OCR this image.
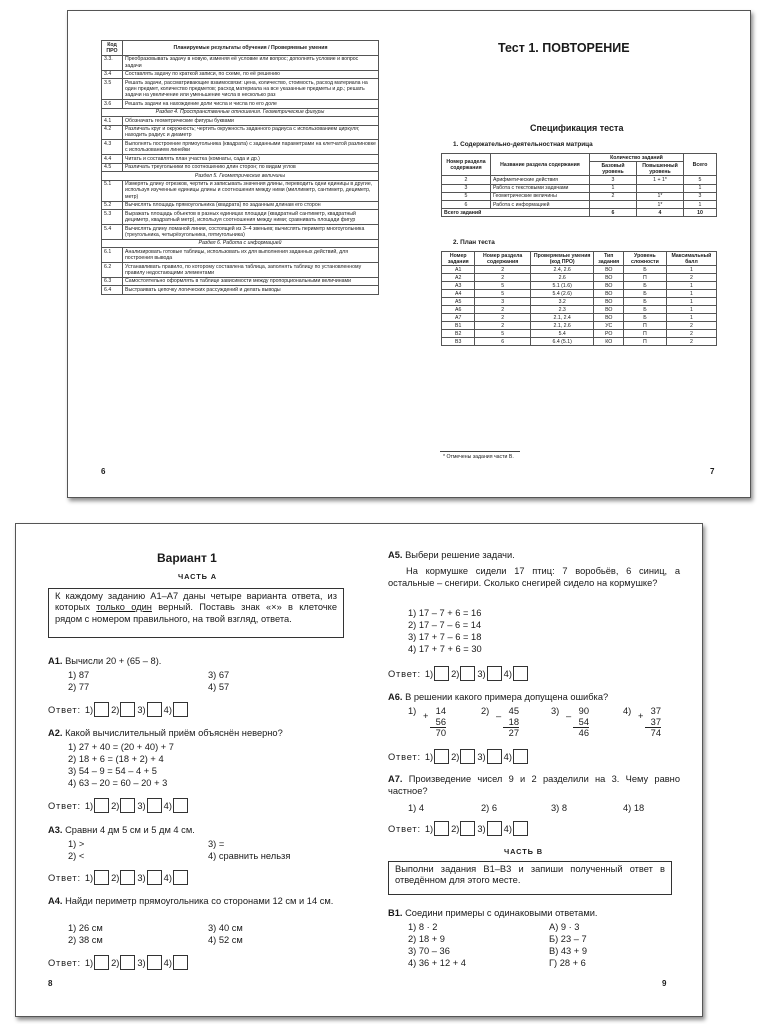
Код ПРО	Планируемые результаты обучения / Проверяемые умения
3.3.	Преобразовывать задачу в новую, изменяя её условие или вопрос; дополнять условие и вопрос задачи
3.4	Составлять задачу по краткой записи, по схеме, по её решению
3.5	Решать задачи, рассматривающие взаимосвязи: цена, количество, стоимость, расход материала на один предмет, количество предметов; расход материала на все указанные предметы и др.; решать задачи на увеличение или уменьшение числа в несколько раз
3.6	Решать задачи на нахождение доли числа и числа по его доле
Раздел 4. Пространственные отношения. Геометрические фигуры	
4.1	Обозначать геометрические фигуры буквами
4.2	Различать круг и окружность; чертить окружность заданного радиуса с использованием циркуля; находить радиус и диаметр
4.3	Выполнять построение прямоугольника (квадрата) с заданными параметрами на клетчатой разлиновке с использованием линейки
4.4	Читать и составлять план участка (комнаты, сада и др.)
4.5	Различать треугольники по соотношению длин сторон; по видам углов
Раздел 5. Геометрические величины	
5.1	Измерять длину отрезков, чертить и записывать значения длины, переводить одни единицы в другие, используя изученные единицы длины и соотношения между ними (миллиметр, сантиметр, дециметр, метр)
5.2	Вычислять площадь прямоугольника (квадрата) по заданным длинам его сторон
5.3	Выражать площадь объектов в разных единицах площади (квадратный сантиметр, квадратный дециметр, квадратный метр), используя соотношения между ними; сравнивать площади фигур
5.4	Вычислять длину ломаной линии, состоящей из 3–4 звеньев; вычислять периметр многоугольника (треугольника, четырёхугольника, пятиугольника)
Раздел 6. Работа с информацией	
6.1	Анализировать готовые таблицы, использовать их для выполнения заданных действий, для построения вывода
6.2	Устанавливать правило, по которому составлена таблица, заполнять таблицу по установленному правилу недостающими элементами
6.3	Самостоятельно оформлять в таблице зависимости между пропорциональными величинами
6.4	Выстраивать цепочку логических рассуждений и делать выводы
Тест 1. ПОВТОРЕНИЕ
Спецификация теста
1. Содержательно-деятельностная матрица
Номер раздела содержания	Название раздела содержания	Количество заданий		Всего
		Базовый уровень	Повышенный уровень	
2	Арифметические действия	3	1 + 1*	5
3	Работа с текстовыми задачами	1		1
5	Геометрические величины	2	1*	3
6	Работа с информацией		1*	1
Всего заданий		6	4	10
2. План теста
Номер задания	Номер раздела содержания	Проверяемые умения (код ПРО)	Тип задания	Уровень сложности	Максимальный балл
А1	2	2.4, 2.6	ВО	Б	1
А2	2	2.6	ВО	П	2
А3	5	5.1 (1.6)	ВО	Б	1
А4	5	5.4 (2.6)	ВО	Б	1
А5	3	3.2	ВО	Б	1
А6	2	2.3	ВО	Б	1
А7	2	2.1, 2.4	ВО	Б	1
В1	2	2.1, 2.6	УС	П	2
В2	5	5.4	РО	П	2
В3	6	6.4 (5.1)	КО	П	2
* Отмечены задания части В.
6	7
Вариант 1
ЧАСТЬ А
К каждому заданию А1–А7 даны четыре варианта ответа, из которых только один верный. Поставь знак «×» в клеточке рядом с номером правильного, на твой взгляд, ответа.
А1. Вычисли 20 + (65 – 8).
1) 87
2) 77
3) 67
4) 57
Ответ: 1)	2)	3)	4)
А2. Какой вычислительный приём объяснён неверно?
1) 27 + 40 = (20 + 40) + 7
2) 18 + 6 = (18 + 2) + 4
3) 54 – 9 = 54 – 4 + 5
4) 63 – 20 = 60 – 20 + 3
Ответ: 1)	2)	3)	4)
А3. Сравни 4 дм 5 см и 5 дм 4 см.
1) >
2) <
3) =
4) сравнить нельзя
Ответ: 1)	2)	3)	4)
А4. Найди периметр прямоугольника со сторонами 12 см и 14 см.
1) 26 см
2) 38 см
3) 40 см
4) 52 см
Ответ: 1)	2)	3)	4)
8
А5. Выбери решение задачи.
На кормушке сидели 17 птиц: 7 воробьёв, 6 синиц, а остальные – снегири. Сколько снегирей сидело на кормушке?
1) 17 – 7 + 6 = 16
2) 17 – 7 – 6 = 14
3) 17 + 7 – 6 = 18
4) 17 + 7 + 6 = 30
Ответ: 1)	2)	3)	4)
А6. В решении какого примера допущена ошибка?
1) + 14
56
70
2) – 45
18
27
3) – 90
54
46
4) + 37
37
74
Ответ: 1)	2)	3)	4)
А7. Произведение чисел 9 и 2 разделили на 3. Чему равно частное?
1) 4	2) 6	3) 8	4) 18
Ответ: 1)	2)	3)	4)
ЧАСТЬ В
Выполни задания В1–В3 и запиши полученный ответ в отведённом для этого месте.
В1. Соедини примеры с одинаковыми ответами.
1) 8 · 2
2) 18 + 9
3) 70 – 36
4) 36 + 12 + 4
А) 9 · 3
Б) 23 – 7
В) 43 + 9
Г) 28 + 6
9
